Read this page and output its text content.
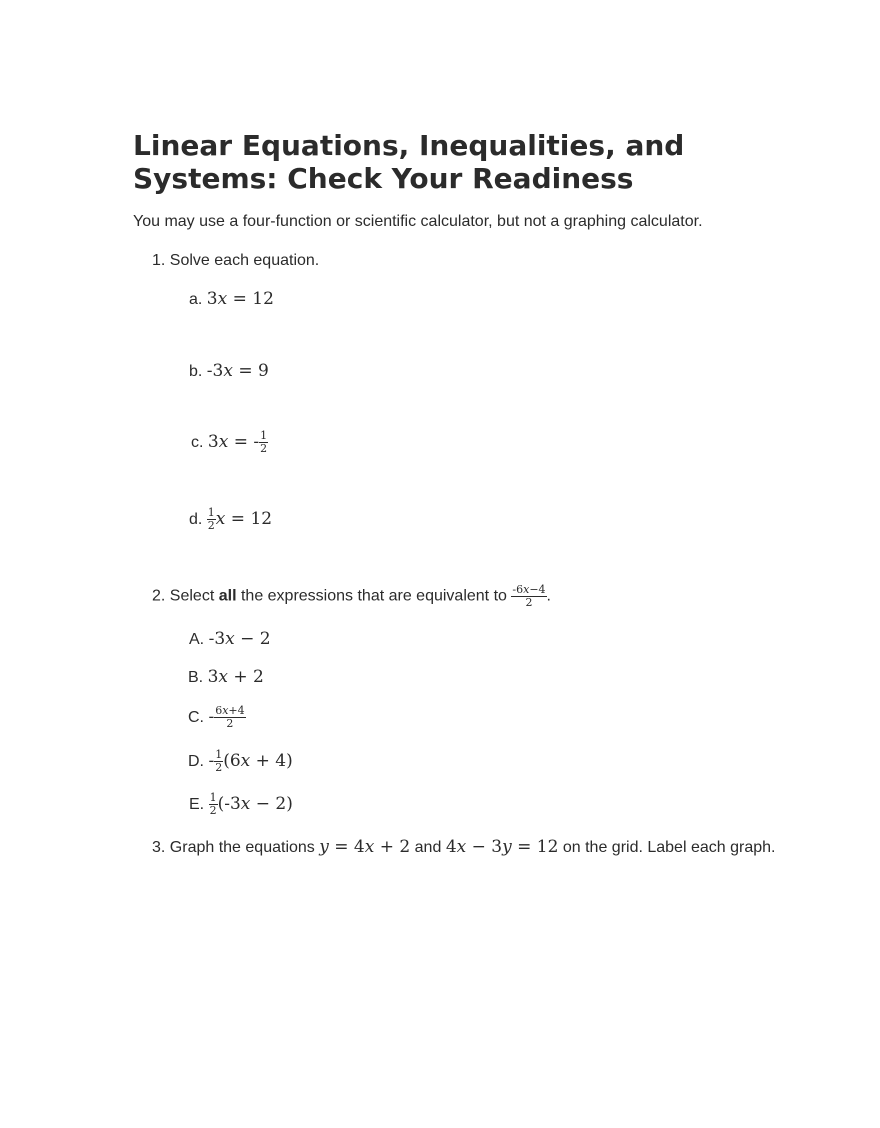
Linear Equations, Inequalities, and Systems: Check Your Readiness
You may use a four-function or scientific calculator, but not a graphing calculator.
1. Solve each equation.
a. 3x = 12
b. -3x = 9
c. 3x = - $\frac{1}{2}$
d. $\frac{1}{2}$ x = 12
2. Select all the expressions that are equivalent to $\frac{-6x-4}{2}$ .
A. -3x − 2
B. 3x + 2
C. - $\frac{6x+4}{2}$
D. - $\frac{1}{2} (6x + 4)$
E. $\frac{1}{2} (-3x - 2)$
3. Graph the equations y = 4x + 2 and 4x − 3y = 12 on the grid. Label each graph.
